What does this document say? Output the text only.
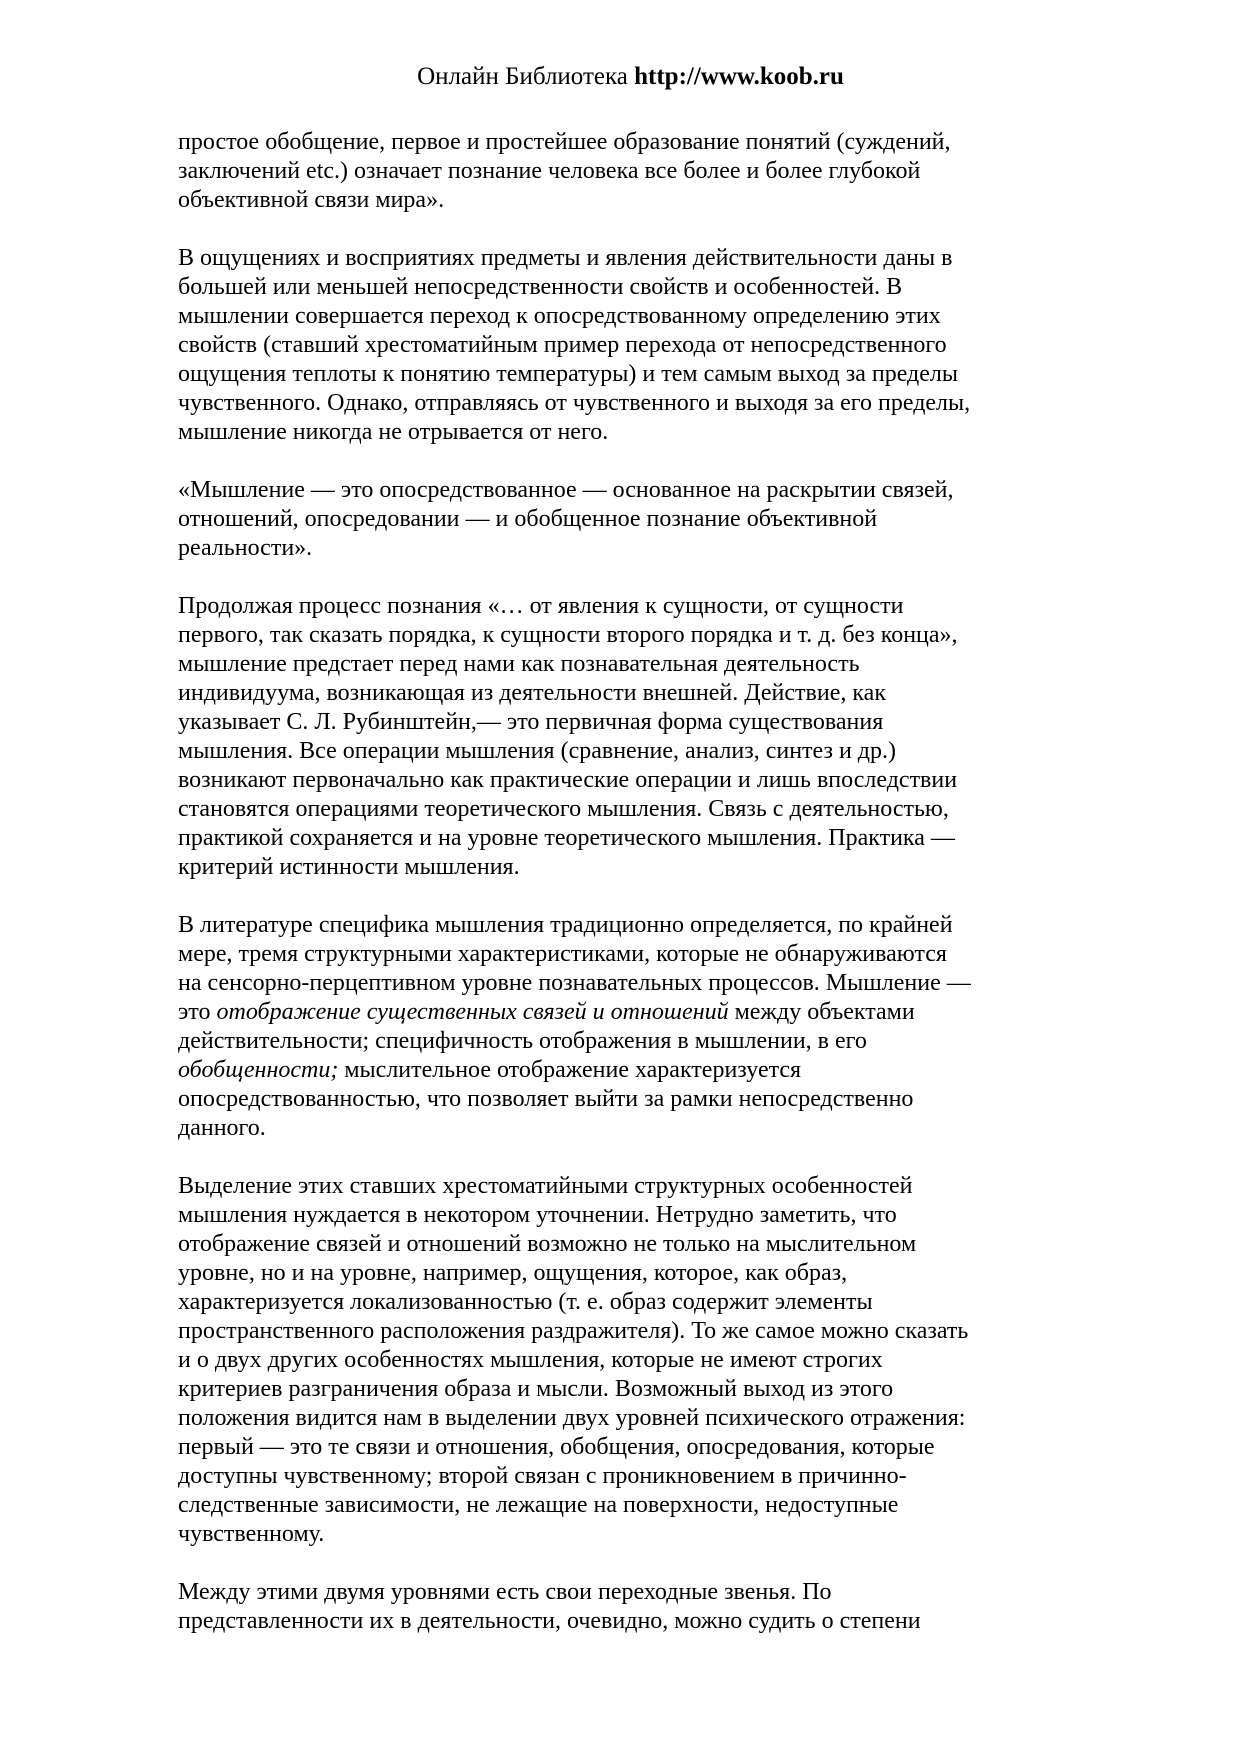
Онлайн Библиотека http://www.koob.ru
простое обобщение, первое и простейшее образование понятий (суждений,
заключений etc.) означает познание человека все более и более глубокой
объективной связи мира».
В ощущениях и восприятиях предметы и явления действительности даны в
большей или меньшей непосредственности свойств и особенностей. В
мышлении совершается переход к опосредствованному определению этих
свойств (ставший хрестоматийным пример перехода от непосредственного
ощущения теплоты к понятию температуры) и тем самым выход за пределы
чувственного. Однако, отправляясь от чувственного и выходя за его пределы,
мышление никогда не отрывается от него.
«Мышление — это опосредствованное — основанное на раскрытии связей,
отношений, опосредовании — и обобщенное познание объективной
реальности».
Продолжая процесс познания «… от явления к сущности, от сущности
первого, так сказать порядка, к сущности второго порядка и т. д. без конца»,
мышление предстает перед нами как познавательная деятельность
индивидуума, возникающая из деятельности внешней. Действие, как
указывает С. Л. Рубинштейн,— это первичная форма существования
мышления. Все операции мышления (сравнение, анализ, синтез и др.)
возникают первоначально как практические операции и лишь впоследствии
становятся операциями теоретического мышления. Связь с деятельностью,
практикой сохраняется и на уровне теоретического мышления. Практика —
критерий истинности мышления.
В литературе специфика мышления традиционно определяется, по крайней
мере, тремя структурными характеристиками, которые не обнаруживаются
на сенсорно-перцептивном уровне познавательных процессов. Мышление —
это отображение существенных связей и отношений между объектами
действительности; специфичность отображения в мышлении, в его
обобщенности; мыслительное отображение характеризуется
опосредствованностью, что позволяет выйти за рамки непосредственно
данного.
Выделение этих ставших хрестоматийными структурных особенностей
мышления нуждается в некотором уточнении. Нетрудно заметить, что
отображение связей и отношений возможно не только на мыслительном
уровне, но и на уровне, например, ощущения, которое, как образ,
характеризуется локализованностью (т. е. образ содержит элементы
пространственного расположения раздражителя). То же самое можно сказать
и о двух других особенностях мышления, которые не имеют строгих
критериев разграничения образа и мысли. Возможный выход из этого
положения видится нам в выделении двух уровней психического отражения:
первый — это те связи и отношения, обобщения, опосредования, которые
доступны чувственному; второй связан с проникновением в причинно-
следственные зависимости, не лежащие на поверхности, недоступные
чувственному.
Между этими двумя уровнями есть свои переходные звенья. По
представленности их в деятельности, очевидно, можно судить о степени
